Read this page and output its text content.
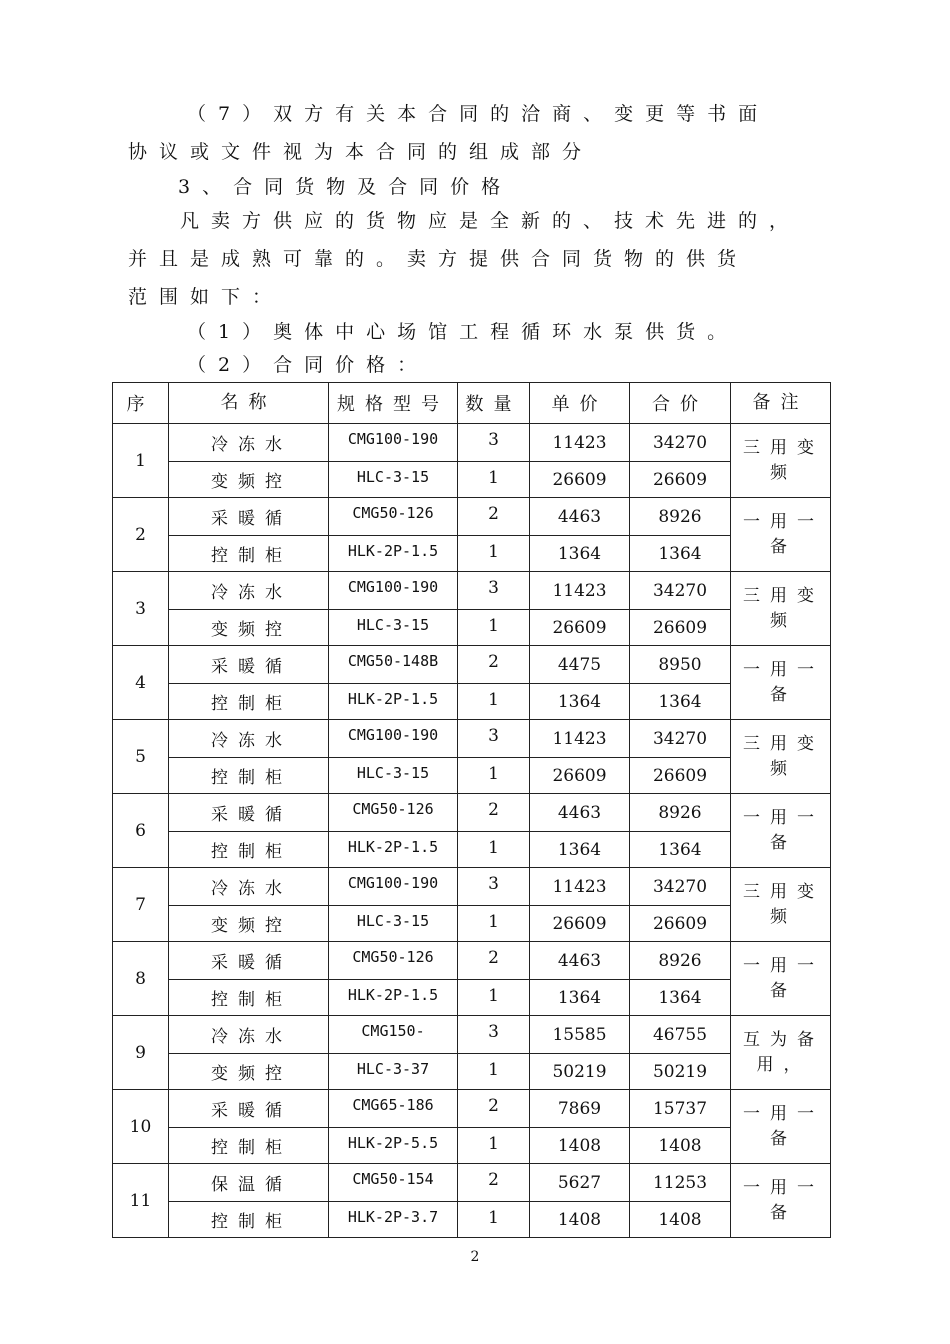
（7）双方有关本合同的洽商、变更等书面
协议或文件视为本合同的组成部分
3、合同货物及合同价格
凡卖方供应的货物应是全新的、技术先进的，
并且是成熟可靠的。卖方提供合同货物的供货
范围如下：
（1）奥体中心场馆工程循环水泵供货。
（2）合同价格：
序	名称	规格型号	数量	单价	合价	备注

1	冷冻水	CMG100-190	3	11423	34270	三用变频
	变频控	HLC-3-15	1	26609	26609	
2	采暖循	CMG50-126	2	4463	8926	一用一备
	控制柜	HLK-2P-1.5	1	1364	1364	
3	冷冻水	CMG100-190	3	11423	34270	三用变频
	变频控	HLC-3-15	1	26609	26609	
4	采暖循	CMG50-148B	2	4475	8950	一用一备
	控制柜	HLK-2P-1.5	1	1364	1364	
5	冷冻水	CMG100-190	3	11423	34270	三用变频
	控制柜	HLC-3-15	1	26609	26609	
6	采暖循	CMG50-126	2	4463	8926	一用一备
	控制柜	HLK-2P-1.5	1	1364	1364	
7	冷冻水	CMG100-190	3	11423	34270	三用变频
	变频控	HLC-3-15	1	26609	26609	
8	采暖循	CMG50-126	2	4463	8926	一用一备
	控制柜	HLK-2P-1.5	1	1364	1364	
9	冷冻水	CMG150-	3	15585	46755	互为备用，
	变频控	HLC-3-37	1	50219	50219	
10	采暖循	CMG65-186	2	7869	15737	一用一备
	控制柜	HLK-2P-5.5	1	1408	1408	
11	保温循	CMG50-154	2	5627	11253	一用一备
	控制柜	HLK-2P-3.7	1	1408	1408	
2
